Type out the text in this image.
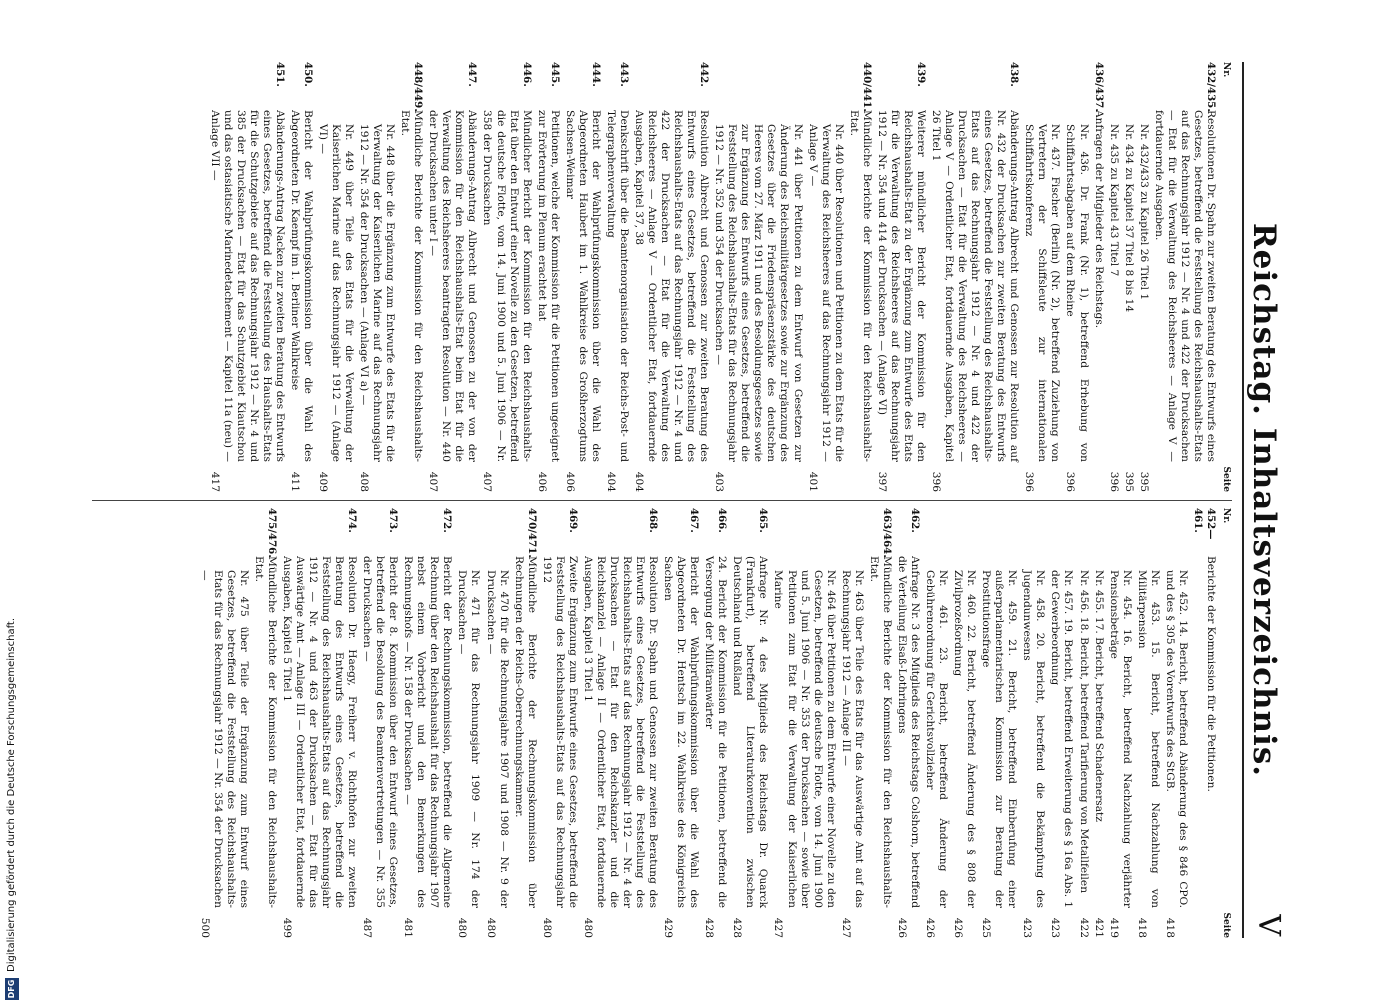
Reichstag. Inhaltsverzeichnis.
V
Nr.
Seite
432/435.
Resolutionen Dr. Spahn zur zweiten Beratung des Entwurfs eines Gesetzes, betreffend die Feststellung des Reichshaushalts-Etats auf das Rechnungsjahr 1912 — Nr. 4 und 422 der Drucksachen — Etat für die Verwaltung des Reichsheeres — Anlage V — fortdauernde Ausgaben.
Nr. 432/433 zu Kapitel 26 Titel 1
395
Nr. 434 zu Kapitel 37 Titel 8 bis 14
395
Nr. 435 zu Kapitel 43 Titel 7
396
436/437.
Anfragen der Mitglieder des Reichstags.
Nr. 436. Dr. Frank (Nr. 1), betreffend Erhebung von Schiffahrtsabgaben auf dem Rheine
396
Nr. 437. Fischer (Berlin) (Nr. 2), betreffend Zuziehung von Vertretern der Schiffsleute zur internationalen Schiffahrtskonferenz
396
438.
Abänderungs-Antrag Albrecht und Genossen zur Resolution auf Nr. 432 der Drucksachen zur zweiten Beratung des Entwurfs eines Gesetzes, betreffend die Feststellung des Reichshaushalts-Etats auf das Rechnungsjahr 1912 — Nr. 4 und 422 der Drucksachen — Etat für die Verwaltung des Reichsheeres — Anlage V — Ordentlicher Etat, fortdauernde Ausgaben, Kapitel 26 Titel 1
396
439.
Weiterer mündlicher Bericht der Kommission für den Reichshaushalts-Etat zu der Ergänzung zum Entwurfe des Etats für die Verwaltung des Reichsheeres auf das Rechnungsjahr 1912 — Nr. 354 und 414 der Drucksachen — (Anlage VI)
397
440/441.
Mündliche Berichte der Kommission für den Reichshaushalts-Etat.
Nr. 440 über Resolutionen und Petitionen zu dem Etats für die Verwaltung des Reichsheeres auf das Rechnungsjahr 1912 — Anlage V —
401
Nr. 441 über Petitionen zu dem Entwurf von Gesetzen zur Änderung des Reichsmilitärgesetzes sowie zur Ergänzung des Gesetzes über die Friedenspräsenzstärke des deutschen Heeres vom 27. März 1911 und des Besoldungsgesetzes sowie zur Ergänzung des Entwurfs eines Gesetzes, betreffend die Feststellung des Reichshaushalts-Etats für das Rechnungsjahr 1912 — Nr. 352 und 354 der Drucksachen —
403
442.
Resolution Albrecht und Genossen zur zweiten Beratung des Entwurfs eines Gesetzes, betreffend die Feststellung des Reichshaushalts-Etats auf das Rechnungsjahr 1912 — Nr. 4 und 422 der Drucksachen — Etat für die Verwaltung des Reichsheeres — Anlage V — Ordentlicher Etat, fortdauernde Ausgaben, Kapitel 37, 38
404
443.
Denkschrift über die Beamtenorganisation der Reichs-Post- und Telegraphenverwaltung
404
444.
Bericht der Wahlprüfungskommission über die Wahl des Abgeordneten Haubert im 1. Wahlkreise des Großherzogtums Sachsen-Weimar
406
445.
Petitionen, welche der Kommission für die Petitionen ungeeignet zur Erörterung im Plenum erachtet hat
406
446.
Mündlicher Bericht der Kommission für den Reichshaushalts-Etat über den Entwurf einer Novelle zu den Gesetzen, betreffend die deutsche Flotte, vom 14. Juni 1900 und 5. Juni 1906 — Nr. 358 der Drucksachen
407
447.
Abänderungs-Antrag Albrecht und Genossen zu der von der Kommission für den Reichshaushalts-Etat beim Etat für die Verwaltung des Reichsheeres beantragten Resolution — Nr. 440 der Drucksachen unter I —
407
448/449.
Mündliche Berichte der Kommission für den Reichshaushalts-Etat.
Nr. 448 über die Ergänzung zum Entwurfe des Etats für die Verwaltung der Kaiserlichen Marine auf das Rechnungsjahr 1912 — Nr. 354 der Drucksachen — (Anlage VI a) —
408
Nr. 449 über Teile des Etats für die Verwaltung der Kaiserlichen Marine auf das Rechnungsjahr 1912 — (Anlage VI) —
409
450.
Bericht der Wahlprüfungskommission über die Wahl des Abgeordneten Dr. Kaempf im 1. Berliner Wahlkreise
411
451.
Abänderungs-Antrag Nacken zur zweiten Beratung des Entwurfs eines Gesetzes, betreffend die Feststellung des Haushalts-Etats für die Schutzgebiete auf das Rechnungsjahr 1912 — Nr. 4 und 385 der Drucksachen — Etat für das Schutzgebiet Kiautschou und das ostasiatische Marinedetachement — Kapitel 11a (neu) — Anlage VII —
417
Nr.
Seite
452—461.
Berichte der Kommission für die Petitionen.
Nr. 452. 14. Bericht, betreffend Abänderung des § 846 CPO. und des § 305 des Vorentwurfs des StGB.
418
Nr. 453. 15. Bericht, betreffend Nachzahlung von Militärpension
418
Nr. 454. 16. Bericht, betreffend Nachzahlung verjährter Pensionsbeträge
419
Nr. 455. 17. Bericht, betreffend Schadenersatz
421
Nr. 456. 18. Bericht, betreffend Tarifierung von Metallfeilen
422
Nr. 457. 19. Bericht, betreffend Erweiterung des § 16a Abs. 1 der Gewerbeordnung
423
Nr. 458. 20. Bericht, betreffend die Bekämpfung des Jugendunwesens
423
Nr. 459. 21. Bericht, betreffend Einberufung einer außerparlamentarischen Kommission zur Beratung der Prostitutionsfrage
425
Nr. 460. 22. Bericht, betreffend Änderung des § 808 der Zivilprozeßordnung
426
Nr. 461. 23. Bericht, betreffend Änderung der Gebührenordnung für Gerichtsvollzieher
426
462.
Anfrage Nr. 3 des Mitglieds des Reichstags Colshorn, betreffend die Verteilung Elsaß-Lothringens
426
463/464.
Mündliche Berichte der Kommission für den Reichshaushalts-Etat.
Nr. 463 über Teile des Etats für das Auswärtige Amt auf das Rechnungsjahr 1912 — Anlage III —
427
Nr. 464 über Petitionen zu dem Entwurfe einer Novelle zu den Gesetzen, betreffend die deutsche Flotte, vom 14. Juni 1900 und 5. Juni 1906 — Nr. 353 der Drucksachen — sowie über Petitionen zum Etat für die Verwaltung der Kaiserlichen Marine
427
465.
Anfrage Nr. 4 des Mitglieds des Reichstags Dr. Quarck (Frankfurt), betreffend Literaturkonvention zwischen Deutschland und Rußland
428
466.
24. Bericht der Kommission für die Petitionen, betreffend die Versorgung der Militäranwärter
428
467.
Bericht der Wahlprüfungskommission über die Wahl des Abgeordneten Dr. Hentsch im 22. Wahlkreise des Königreichs Sachsen
429
468.
Resolution Dr. Spahn und Genossen zur zweiten Beratung des Entwurfs eines Gesetzes, betreffend die Feststellung des Reichshaushalts-Etats auf das Rechnungsjahr 1912 — Nr. 4 der Drucksachen — Etat für den Reichskanzler und die Reichskanzlei — Anlage II — Ordentlicher Etat, fortdauernde Ausgaben, Kapitel 3 Titel 1
480
469.
Zweite Ergänzung zum Entwurfe eines Gesetzes, betreffend die Feststellung des Reichshaushalts-Etats auf das Rechnungsjahr 1912
480
470/471.
Mündliche Berichte der Rechnungskommission über Rechnungen der Reichs-Oberrechnungskammer.
Nr. 470 für die Rechnungsjahre 1907 und 1908 — Nr. 9 der Drucksachen —
480
Nr. 471 für das Rechnungsjahr 1909 — Nr. 174 der Drucksachen —
480
472.
Bericht der Rechnungskommission, betreffend die Allgemeine Rechnung über den Reichshaushalt für das Rechnungsjahr 1907 nebst einem Vorbericht und den Bemerkungen des Rechnungshofs — Nr. 158 der Drucksachen —
481
473.
Bericht der 8. Kommission über den Entwurf eines Gesetzes, betreffend die Besoldung des Beamtenvertretungen — Nr. 355 der Drucksachen —
487
474.
Resolution Dr. Haegy, Freiherr v. Richthofen zur zweiten Beratung des Entwurfs eines Gesetzes, betreffend die Feststellung des Reichshaushalts-Etats auf das Rechnungsjahr 1912 — Nr. 4 und 463 der Drucksachen — Etat für das Auswärtige Amt — Anlage III — Ordentlicher Etat, fortdauernde Ausgaben, Kapitel 5 Titel 1
499
475/476.
Mündliche Berichte der Kommission für den Reichshaushalts-Etat.
Nr. 475 über Teile der Ergänzung zum Entwurf eines Gesetzes, betreffend die Feststellung des Reichshaushalts-Etats für das Rechnungsjahr 1912 — Nr. 354 der Drucksachen —
500
DFG
Digitalisierung gefördert durch die Deutsche Forschungsgemeinschaft.
